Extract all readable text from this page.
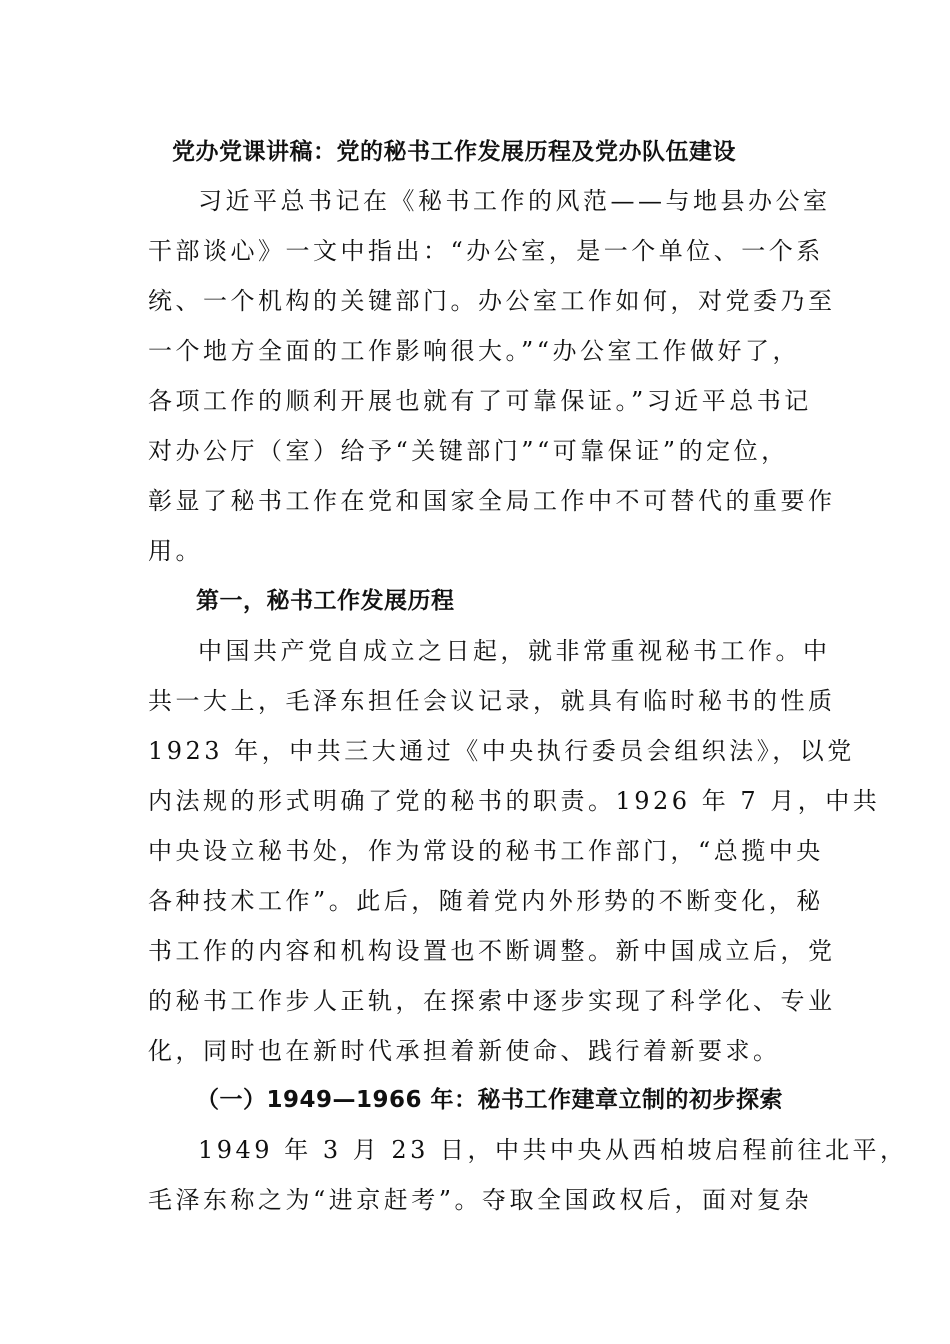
党办党课讲稿：党的秘书工作发展历程及党办队伍建设
习近平总书记在《秘书工作的风范——与地县办公室
干部谈心》一文中指出：“办公室，是一个单位、一个系
统、一个机构的关键部门。办公室工作如何，对党委乃至
一个地方全面的工作影响很大。”“办公室工作做好了，
各项工作的顺利开展也就有了可靠保证。”习近平总书记
对办公厅（室）给予“关键部门”“可靠保证”的定位，
彰显了秘书工作在党和国家全局工作中不可替代的重要作
用。
第一，秘书工作发展历程
中国共产党自成立之日起，就非常重视秘书工作。中
共一大上，毛泽东担任会议记录，就具有临时秘书的性质
1923 年，中共三大通过《中央执行委员会组织法》，以党
内法规的形式明确了党的秘书的职责。1926 年 7 月，中共
中央设立秘书处，作为常设的秘书工作部门，“总揽中央
各种技术工作”。此后，随着党内外形势的不断变化，秘
书工作的内容和机构设置也不断调整。新中国成立后，党
的秘书工作步人正轨，在探索中逐步实现了科学化、专业
化，同时也在新时代承担着新使命、践行着新要求。
（一）1949—1966 年：秘书工作建章立制的初步探索
1949 年 3 月 23 日，中共中央从西柏坡启程前往北平，
毛泽东称之为“进京赶考”。夺取全国政权后，面对复杂
